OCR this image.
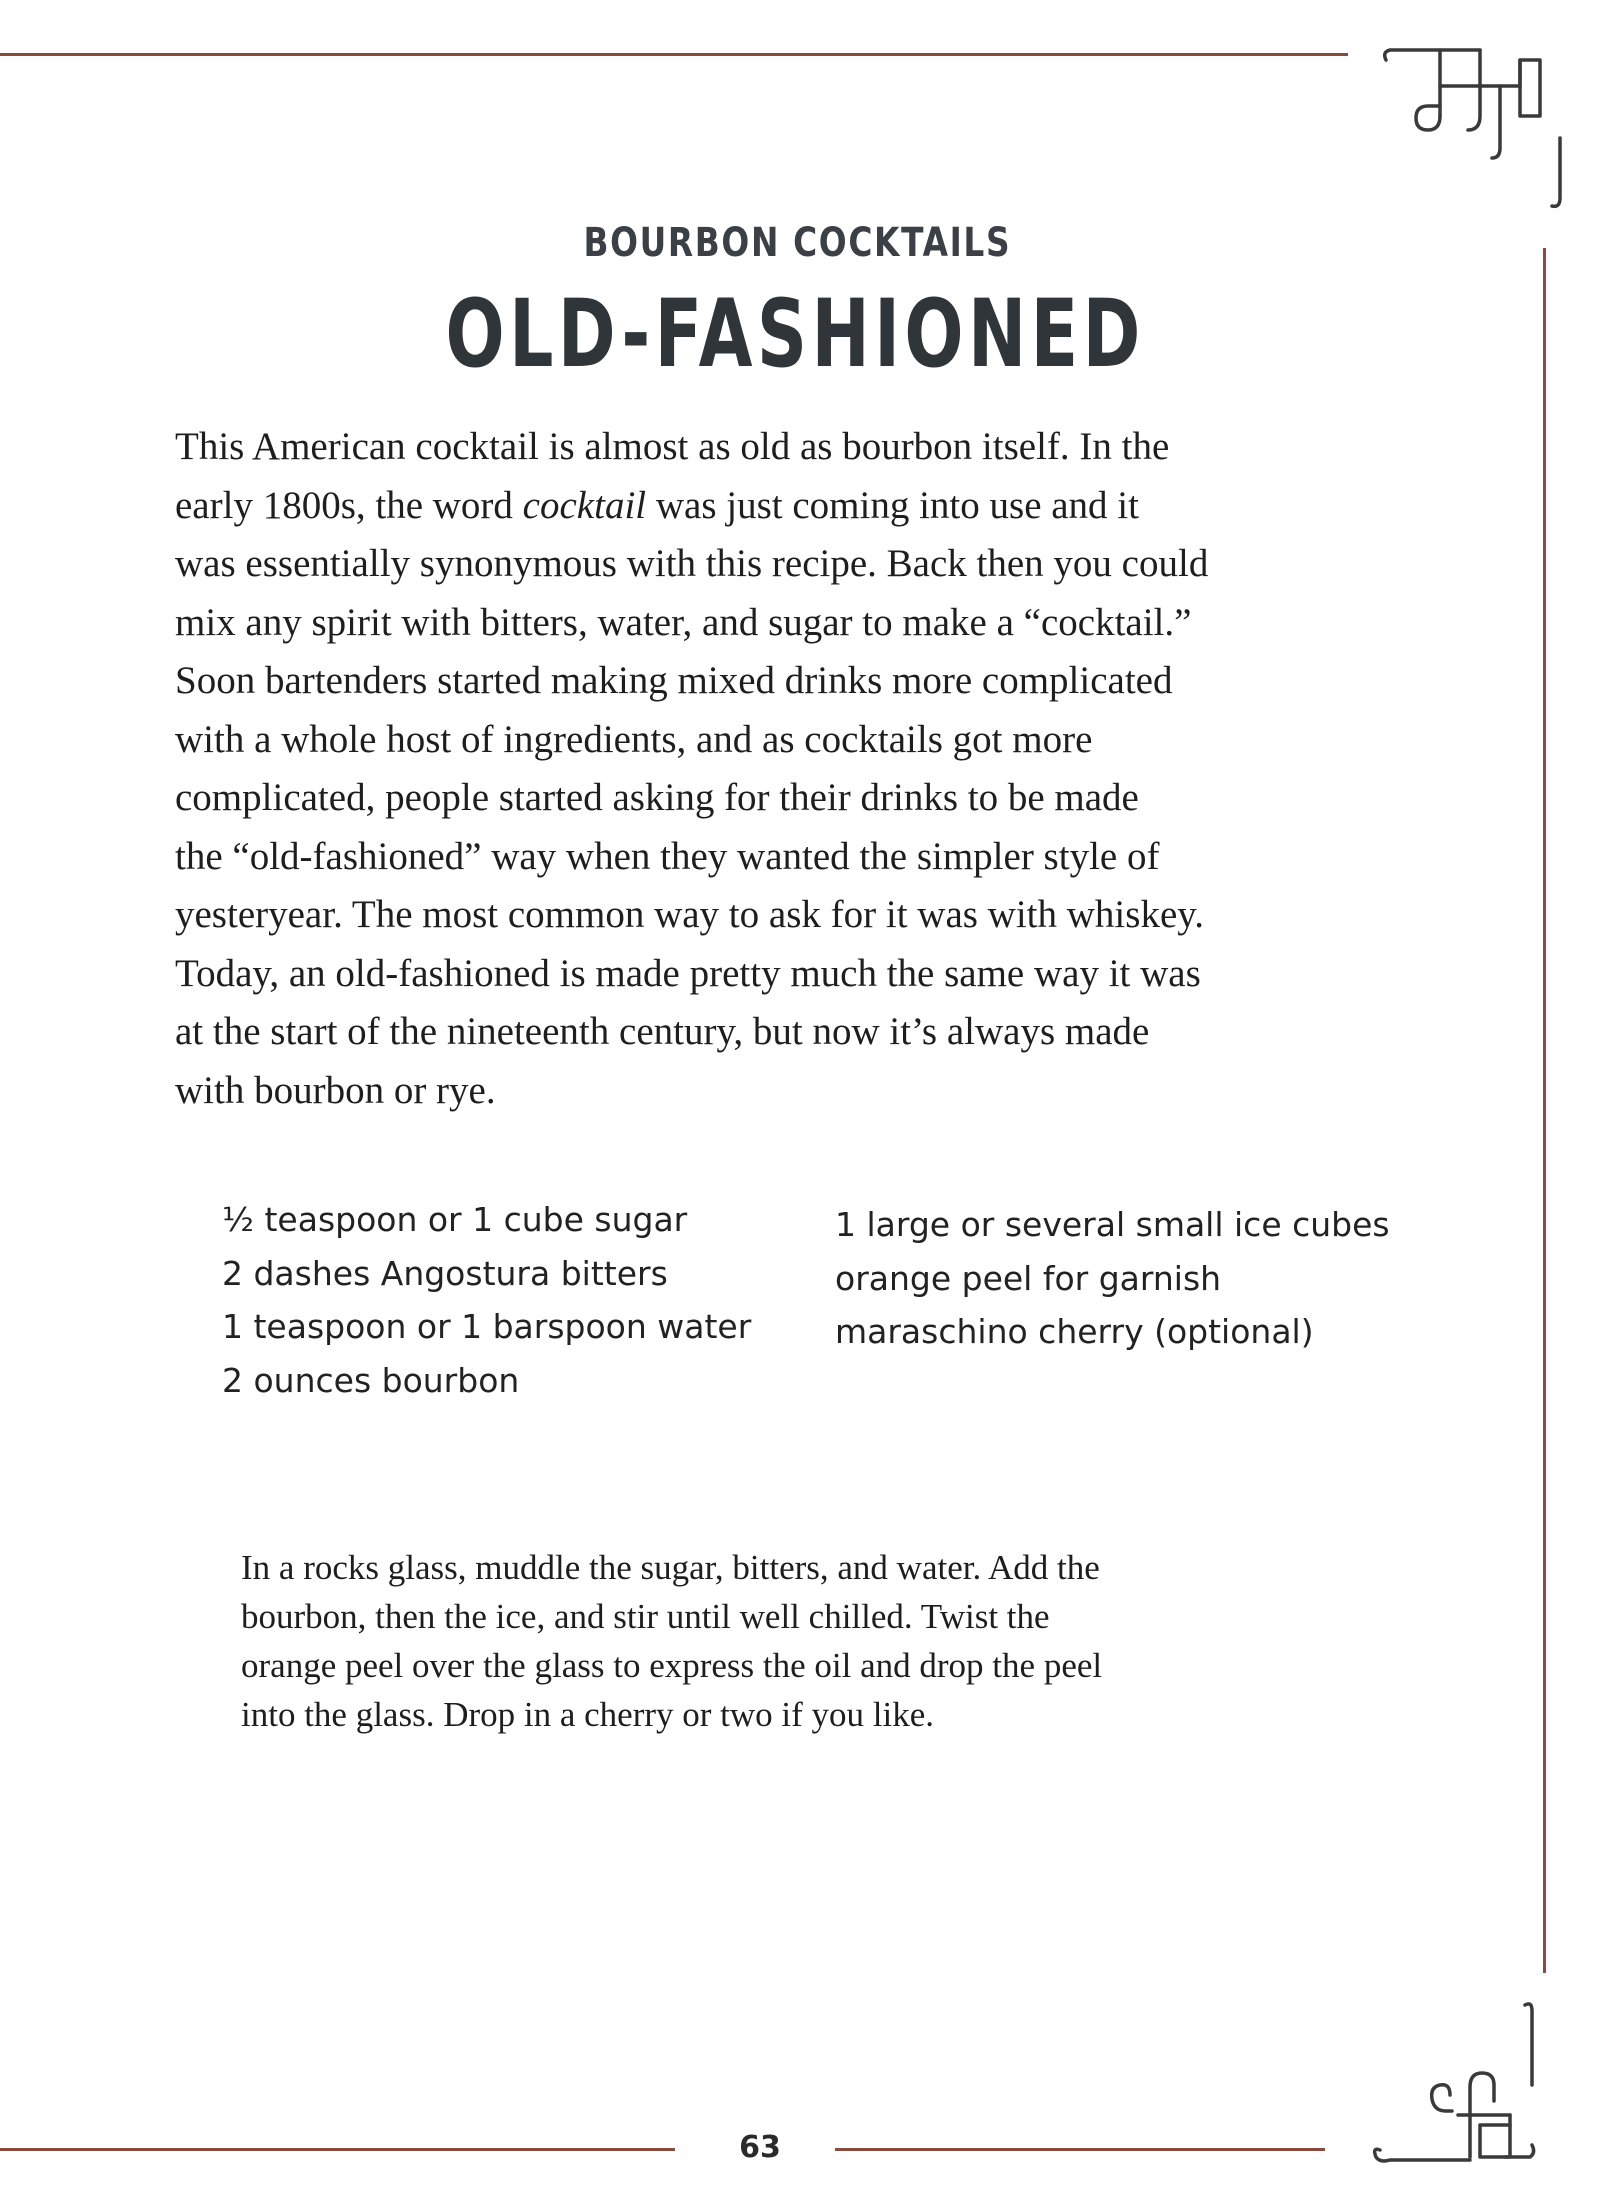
BOURBON COCKTAILS
OLD-FASHIONED

This American cocktail is almost as old as bourbon itself. In the
early 1800s, the word cocktail was just coming into use and it
was essentially synonymous with this recipe. Back then you could
mix any spirit with bitters, water, and sugar to make a “cocktail.”
Soon bartenders started making mixed drinks more complicated
with a whole host of ingredients, and as cocktails got more
complicated, people started asking for their drinks to be made
the “old-fashioned” way when they wanted the simpler style of
yesteryear. The most common way to ask for it was with whiskey.
Today, an old-fashioned is made pretty much the same way it was
at the start of the nineteenth century, but now it’s always made
with bourbon or rye.

½ teaspoon or 1 cube sugar
2 dashes Angostura bitters
1 teaspoon or 1 barspoon water
2 ounces bourbon
1 large or several small ice cubes
orange peel for garnish
maraschino cherry (optional)

In a rocks glass, muddle the sugar, bitters, and water. Add the
bourbon, then the ice, and stir until well chilled. Twist the
orange peel over the glass to express the oil and drop the peel
into the glass. Drop in a cherry or two if you like.

63
